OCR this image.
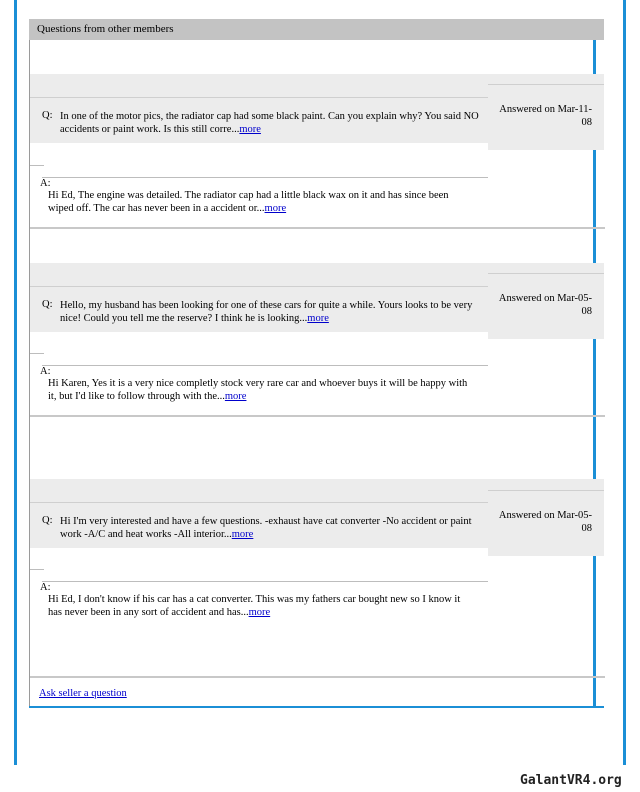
Questions from other members
Q: In one of the motor pics, the radiator cap had some black paint. Can you explain why? You said NO accidents or paint work. Is this still corre...more
Answered on Mar-11-08
A:
Hi Ed, The engine was detailed. The radiator cap had a little black wax on it and has since been wiped off. The car has never been in a accident or...more
Q: Hello, my husband has been looking for one of these cars for quite a while. Yours looks to be very nice! Could you tell me the reserve? I think he is looking...more
Answered on Mar-05-08
A:
Hi Karen, Yes it is a very nice completly stock very rare car and whoever buys it will be happy with it, but I'd like to follow through with the...more
Q: Hi I'm very interested and have a few questions. -exhaust have cat converter -No accident or paint work -A/C and heat works -All interior...more
Answered on Mar-05-08
A:
Hi Ed, I don't know if his car has a cat converter. This was my fathers car bought new so I know it has never been in any sort of accident and has...more
Ask seller a question
GalantVR4.org
